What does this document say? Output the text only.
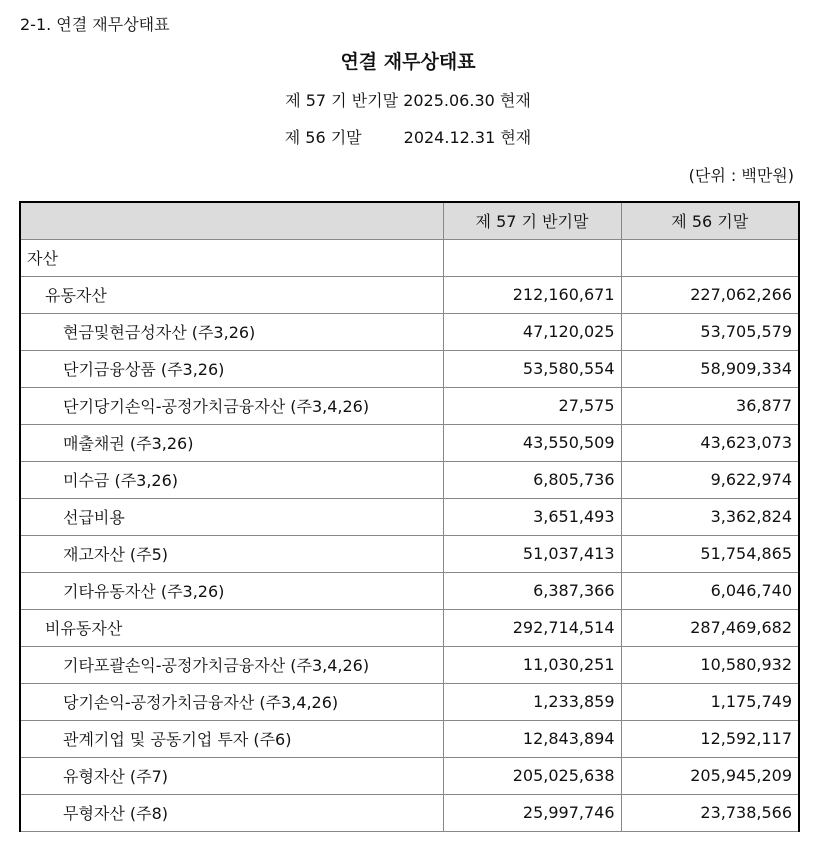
2-1. 연결 재무상태표
연결 재무상태표
제 57 기 반기말 2025.06.30 현재
제 56 기말	2024.12.31 현재
(단위 : 백만원)
	제 57 기 반기말	제 56 기말
자산		
유동자산	212,160,671	227,062,266
현금및현금성자산 (주3,26)	47,120,025	53,705,579
단기금융상품 (주3,26)	53,580,554	58,909,334
단기당기손익-공정가치금융자산 (주3,4,26)	27,575	36,877
매출채권 (주3,26)	43,550,509	43,623,073
미수금 (주3,26)	6,805,736	9,622,974
선급비용	3,651,493	3,362,824
재고자산 (주5)	51,037,413	51,754,865
기타유동자산 (주3,26)	6,387,366	6,046,740
비유동자산	292,714,514	287,469,682
기타포괄손익-공정가치금융자산 (주3,4,26)	11,030,251	10,580,932
당기손익-공정가치금융자산 (주3,4,26)	1,233,859	1,175,749
관계기업 및 공동기업 투자 (주6)	12,843,894	12,592,117
유형자산 (주7)	205,025,638	205,945,209
무형자산 (주8)	25,997,746	23,738,566
